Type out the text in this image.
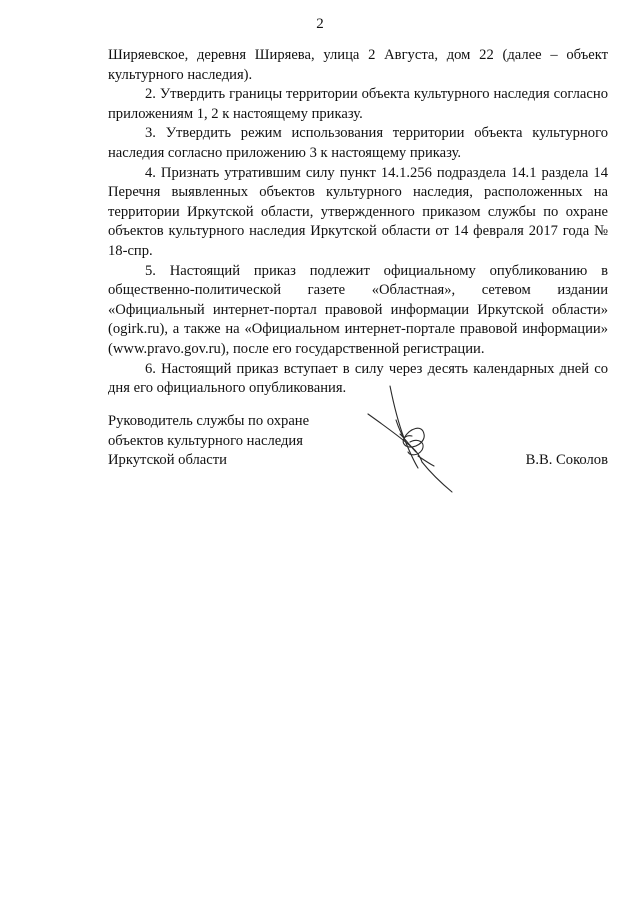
2

Ширяевское, деревня Ширяева, улица 2 Августа, дом 22 (далее – объект культурного наследия).

2. Утвердить границы территории объекта культурного наследия согласно приложениям 1, 2 к настоящему приказу.

3. Утвердить режим использования территории объекта культурного наследия согласно приложению 3 к настоящему приказу.

4. Признать утратившим силу пункт 14.1.256 подраздела 14.1 раздела 14 Перечня выявленных объектов культурного наследия, расположенных на территории Иркутской области, утвержденного приказом службы по охране объектов культурного наследия Иркутской области от 14 февраля 2017 года № 18-спр.

5. Настоящий приказ подлежит официальному опубликованию в общественно-политической газете «Областная», сетевом издании «Официальный интернет-портал правовой информации Иркутской области» (ogirk.ru), а также на «Официальном интернет-портале правовой информации» (www.pravo.gov.ru), после его государственной регистрации.

6. Настоящий приказ вступает в силу через десять календарных дней со дня его официального опубликования.

Руководитель службы по охране
объектов культурного наследия
Иркутской области	В.В. Соколов
